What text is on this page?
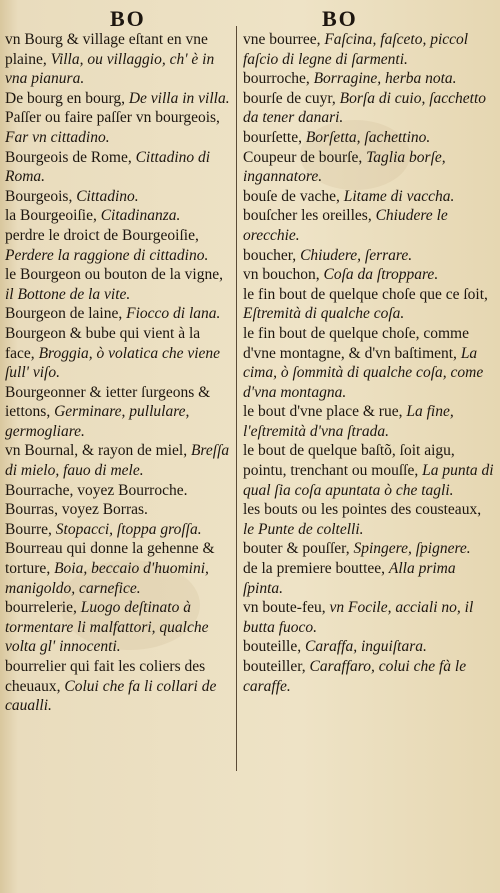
BO	BO
vn Bourg & village eſtant en vne plaine, Villa, ou villaggio, ch' è in vna pianura.
De bourg en bourg, De villa in villa.
Paſſer ou faire paſſer vn bourgeois, Far vn cittadino.
Bourgeois de Rome, Cittadino di Roma.
Bourgeois, Cittadino.
la Bourgeoiſie, Citadinanza.
perdre le droict de Bourgeoiſie, Perdere la raggione di cittadino.
le Bourgeon ou bouton de la vigne, il Bottone de la vite.
Bourgeon de laine, Fiocco di lana.
Bourgeon & bube qui vient à la face, Broggia, ò volatica che viene ſull' viſo.
Bourgeonner & ietter ſurgeons & iettons, Germinare, pullulare, germogliare.
vn Bournal, & rayon de miel, Breſſa di mielo, fauo di mele.
Bourrache, voyez Bourroche.
Bourras, voyez Borras.
Bourre, Stopacci, ſtoppa groſſa.
Bourreau qui donne la gehenne & torture, Boia, beccaio d'huomini, manigoldo, carnefice.
bourrelerie, Luogo deſtinato à tormentare li malfattori, qualche volta gl' innocenti.
bourrelier qui fait les coliers des cheuaux, Colui che fa li collari de caualli.
vne bourree, Faſcina, faſceto, piccol faſcio di legne di ſarmenti.
bourroche, Borragine, herba nota.
bourſe de cuyr, Borſa di cuio, ſacchetto da tener danari.
bourſette, Borſetta, ſachettino.
Coupeur de bourſe, Taglia borſe, ingannatore.
bouſe de vache, Litame di vaccha.
bouſcher les oreilles, Chiudere le orecchie.
boucher, Chiudere, ſerrare.
vn bouchon, Coſa da ſtroppare.
le fin bout de quelque choſe que ce ſoit, Eſtremità di qualche coſa.
le fin bout de quelque choſe, comme d'vne montagne, & d'vn baſtiment, La cima, ò ſommità di qualche coſa, come d'vna montagna.
le bout d'vne place & rue, La fine, l'eſtremità d'vna ſtrada.
le bout de quelque baſtõ, ſoit aigu, pointu, trenchant ou mouſſe, La punta di qual ſia coſa apuntata ò che tagli.
les bouts ou les pointes des cousteaux, le Punte de coltelli.
bouter & pouſſer, Spingere, ſpignere.
de la premiere bouttee, Alla prima ſpinta.
vn boute-feu, vn Focile, acciali no, il butta fuoco.
bouteille, Caraffa, inguiſtara.
bouteiller, Caraffaro, colui che fà le caraffe.
